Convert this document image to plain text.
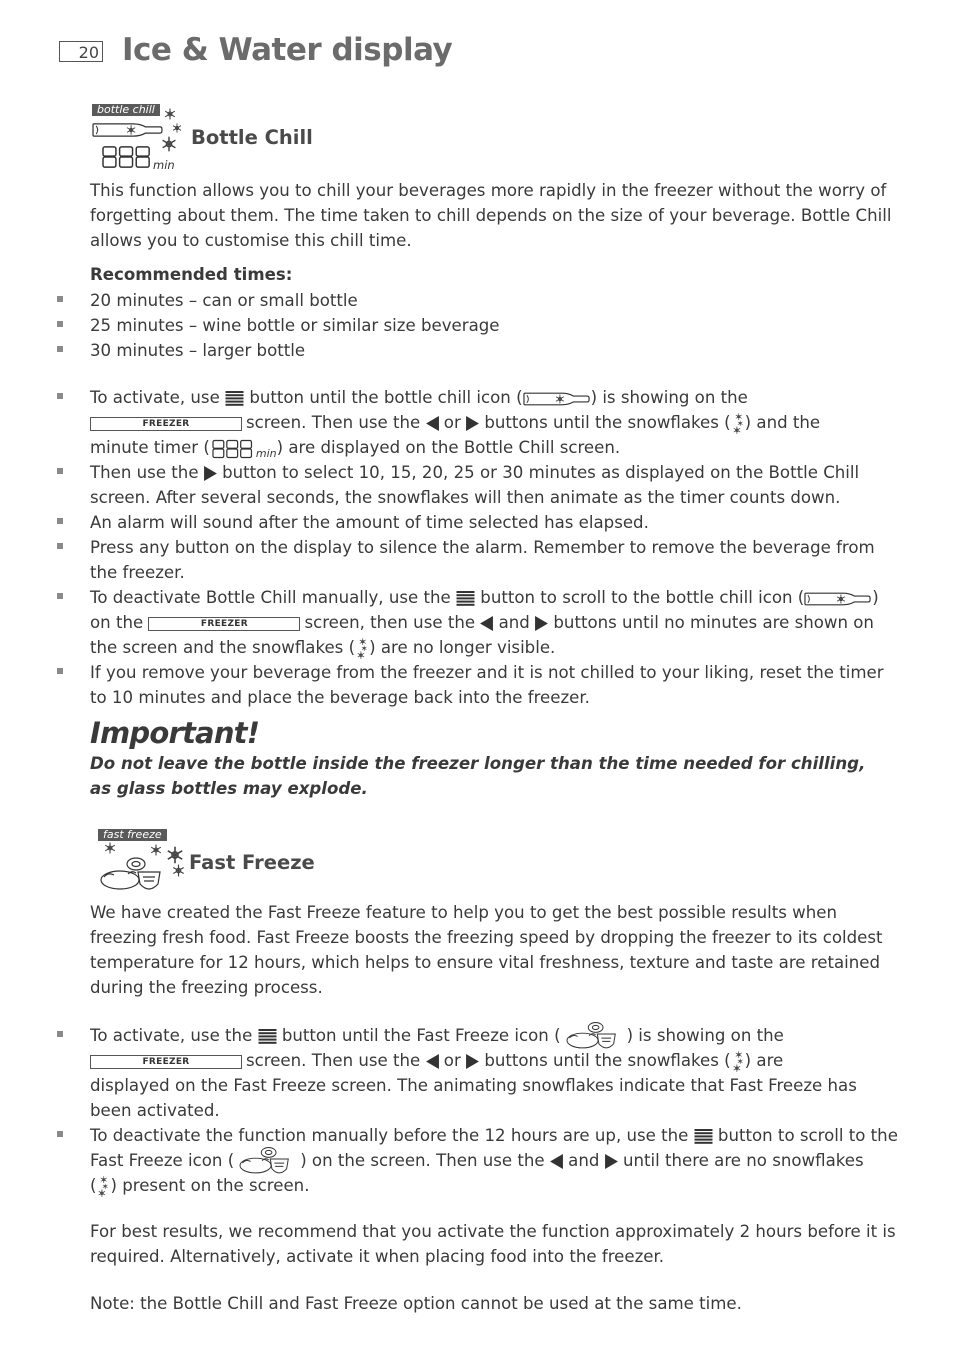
20 Ice & Water display
bottle chill
min
Bottle Chill

This function allows you to chill your beverages more rapidly in the freezer without the worry of forgetting about them. The time taken to chill depends on the size of your beverage. Bottle Chill allows you to customise this chill time.

Recommended times:
20 minutes – can or small bottle
25 minutes – wine bottle or similar size beverage
30 minutes – larger bottle
To activate, use  button until the bottle chill icon (	) is showing on the
FREEZER	screen. Then use the  or  buttons until the snowflakes ( ) and the
minute timer (	$_{min}$) are displayed on the Bottle Chill screen.
Then use the  button to select 10, 15, 20, 25 or 30 minutes as displayed on the Bottle Chill screen. After several seconds, the snowflakes will then animate as the timer counts down.
An alarm will sound after the amount of time selected has elapsed.
Press any button on the display to silence the alarm. Remember to remove the beverage from the freezer.
To deactivate Bottle Chill manually, use the  button to scroll to the bottle chill icon (	)
on the	FREEZER	screen, then use the  and  buttons until no minutes are shown on
the screen and the snowflakes ( ) are no longer visible.
If you remove your beverage from the freezer and it is not chilled to your liking, reset the timer to 10 minutes and place the beverage back into the freezer.
Important!

Do not leave the bottle inside the freezer longer than the time needed for chilling, as glass bottles may explode.

fast freeze
Fast Freeze

We have created the Fast Freeze feature to help you to get the best possible results when freezing fresh food. Fast Freeze boosts the freezing speed by dropping the freezer to its coldest temperature for 12 hours, which helps to ensure vital freshness, texture and taste are retained during the freezing process.

To activate, use the  button until the Fast Freeze icon (	) is showing on the
FREEZER	screen. Then use the  or  buttons until the snowflakes ( ) are
displayed on the Fast Freeze screen. The animating snowflakes indicate that Fast Freeze has been activated.
To deactivate the function manually before the 12 hours are up, use the  button to scroll to the
Fast Freeze icon (	) on the screen. Then use the  and  until there are no snowflakes
( ) present on the screen.

For best results, we recommend that you activate the function approximately 2 hours before it is required. Alternatively, activate it when placing food into the freezer.

Note: the Bottle Chill and Fast Freeze option cannot be used at the same time.
